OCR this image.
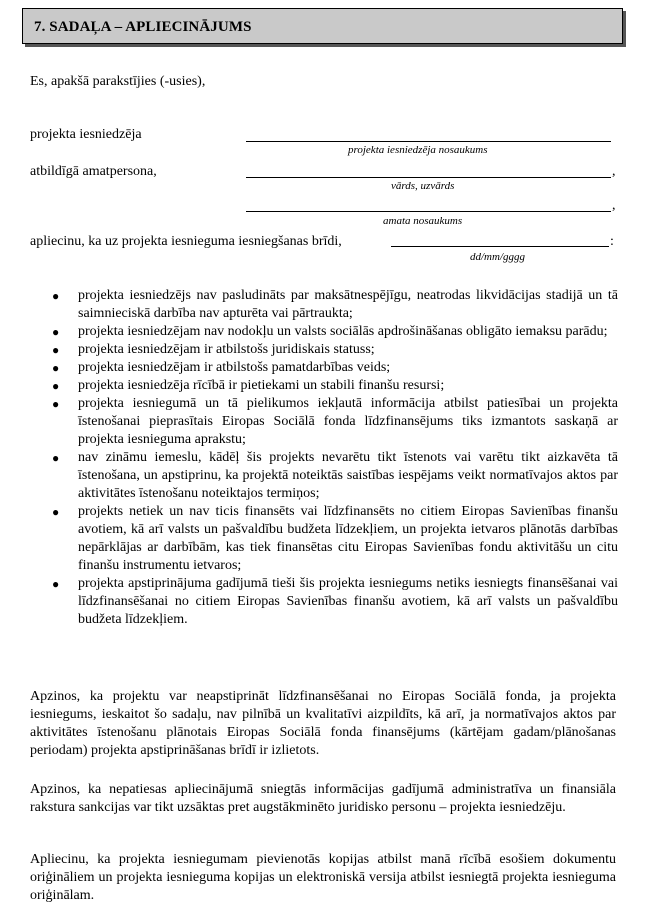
7. SADAĻA – APLIECINĀJUMS
Es, apakšā parakstījies (-usies),
projekta iesniedzēja
projekta iesniedzēja nosaukums
atbildīgā amatpersona,	,
vārds, uzvārds
,
amata nosaukums
apliecinu, ka uz projekta iesnieguma iesniegšanas brīdi,	:
dd/mm/gggg
● projekta iesniedzējs nav pasludināts par maksātnespējīgu, neatrodas likvidācijas stadijā un tā saimnieciskā darbība nav apturēta vai pārtraukta;
● projekta iesniedzējam nav nodokļu un valsts sociālās apdrošināšanas obligāto iemaksu parādu;
● projekta iesniedzējam ir atbilstošs juridiskais statuss;
● projekta iesniedzējam ir atbilstošs pamatdarbības veids;
● projekta iesniedzēja rīcībā ir pietiekami un stabili finanšu resursi;
● projekta iesniegumā un tā pielikumos iekļautā informācija atbilst patiesībai un projekta īstenošanai pieprasītais Eiropas Sociālā fonda līdzfinansējums tiks izmantots saskaņā ar projekta iesnieguma aprakstu;
● nav zināmu iemeslu, kādēļ šis projekts nevarētu tikt īstenots vai varētu tikt aizkavēta tā īstenošana, un apstiprinu, ka projektā noteiktās saistības iespējams veikt normatīvajos aktos par aktivitātes īstenošanu noteiktajos termiņos;
● projekts netiek un nav ticis finansēts vai līdzfinansēts no citiem Eiropas Savienības finanšu avotiem, kā arī valsts un pašvaldību budžeta līdzekļiem, un projekta ietvaros plānotās darbības nepārklājas ar darbībām, kas tiek finansētas citu Eiropas Savienības fondu aktivitāšu un citu finanšu instrumentu ietvaros;
● projekta apstiprinājuma gadījumā tieši šis projekta iesniegums netiks iesniegts finansēšanai vai līdzfinansēšanai no citiem Eiropas Savienības finanšu avotiem, kā arī valsts un pašvaldību budžeta līdzekļiem.

Apzinos, ka projektu var neapstiprināt līdzfinansēšanai no Eiropas Sociālā fonda, ja projekta iesniegums, ieskaitot šo sadaļu, nav pilnībā un kvalitatīvi aizpildīts, kā arī, ja normatīvajos aktos par aktivitātes īstenošanu plānotais Eiropas Sociālā fonda finansējums (kārtējam gadam/plānošanas periodam) projekta apstiprināšanas brīdī ir izlietots.

Apzinos, ka nepatiesas apliecinājumā sniegtās informācijas gadījumā administratīva un finansiāla rakstura sankcijas var tikt uzsāktas pret augstākminēto juridisko personu – projekta iesniedzēju.

Apliecinu, ka projekta iesniegumam pievienotās kopijas atbilst manā rīcībā esošiem dokumentu oriģināliem un projekta iesnieguma kopijas un elektroniskā versija atbilst iesniegtā projekta iesnieguma oriģinālam.
